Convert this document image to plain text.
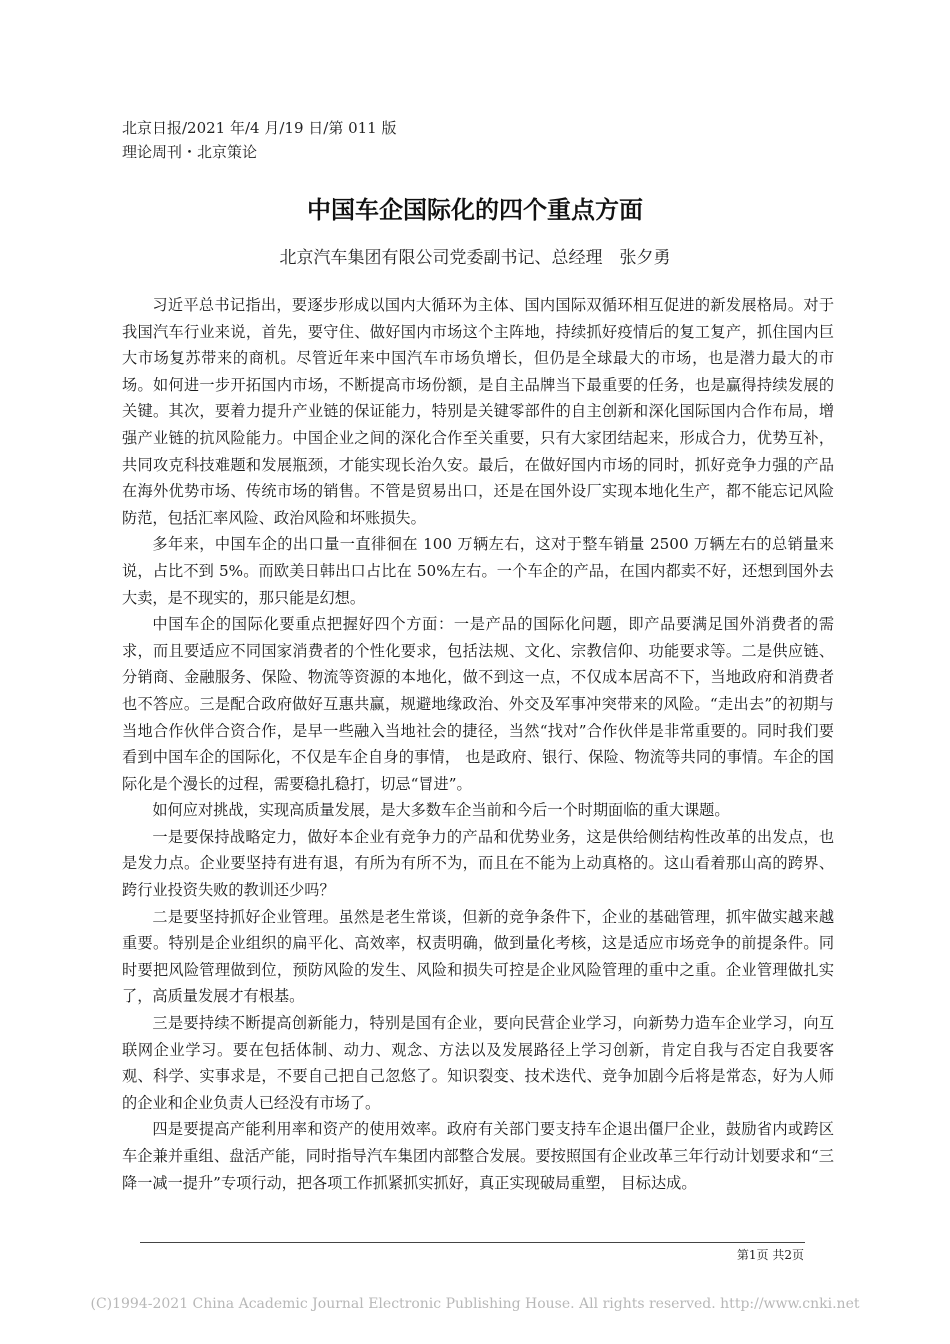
北京日报/2021 年/4 月/19 日/第 011 版
理论周刊・北京策论
中国车企国际化的四个重点方面
北京汽车集团有限公司党委副书记、总经理　张夕勇

习近平总书记指出，要逐步形成以国内大循环为主体、国内国际双循环相互促进的新发展格局。对于我国汽车行业来说，首先，要守住、做好国内市场这个主阵地，持续抓好疫情后的复工复产，抓住国内巨大市场复苏带来的商机。尽管近年来中国汽车市场负增长，但仍是全球最大的市场，也是潜力最大的市场。如何进一步开拓国内市场，不断提高市场份额，是自主品牌当下最重要的任务，也是赢得持续发展的关键。其次，要着力提升产业链的保证能力，特别是关键零部件的自主创新和深化国际国内合作布局，增强产业链的抗风险能力。中国企业之间的深化合作至关重要，只有大家团结起来，形成合力，优势互补，共同攻克科技难题和发展瓶颈，才能实现长治久安。最后，在做好国内市场的同时，抓好竞争力强的产品在海外优势市场、传统市场的销售。不管是贸易出口，还是在国外设厂实现本地化生产，都不能忘记风险防范，包括汇率风险、政治风险和坏账损失。

多年来，中国车企的出口量一直徘徊在 100 万辆左右，这对于整车销量 2500 万辆左右的总销量来说，占比不到 5%。而欧美日韩出口占比在 50%左右。一个车企的产品，在国内都卖不好，还想到国外去大卖，是不现实的，那只能是幻想。

中国车企的国际化要重点把握好四个方面：一是产品的国际化问题，即产品要满足国外消费者的需求，而且要适应不同国家消费者的个性化要求，包括法规、文化、宗教信仰、功能要求等。二是供应链、分销商、金融服务、保险、物流等资源的本地化，做不到这一点，不仅成本居高不下，当地政府和消费者也不答应。三是配合政府做好互惠共赢，规避地缘政治、外交及军事冲突带来的风险。“走出去”的初期与当地合作伙伴合资合作，是早一些融入当地社会的捷径，当然“找对”合作伙伴是非常重要的。同时我们要看到中国车企的国际化，不仅是车企自身的事情， 也是政府、银行、保险、物流等共同的事情。车企的国际化是个漫长的过程，需要稳扎稳打，切忌“冒进”。

如何应对挑战，实现高质量发展，是大多数车企当前和今后一个时期面临的重大课题。

一是要保持战略定力，做好本企业有竞争力的产品和优势业务，这是供给侧结构性改革的出发点，也是发力点。企业要坚持有进有退，有所为有所不为，而且在不能为上动真格的。这山看着那山高的跨界、跨行业投资失败的教训还少吗？

二是要坚持抓好企业管理。虽然是老生常谈，但新的竞争条件下，企业的基础管理，抓牢做实越来越重要。特别是企业组织的扁平化、高效率，权责明确，做到量化考核，这是适应市场竞争的前提条件。同时要把风险管理做到位，预防风险的发生、风险和损失可控是企业风险管理的重中之重。企业管理做扎实了，高质量发展才有根基。

三是要持续不断提高创新能力，特别是国有企业，要向民营企业学习，向新势力造车企业学习，向互联网企业学习。要在包括体制、动力、观念、方法以及发展路径上学习创新，肯定自我与否定自我要客观、科学、实事求是，不要自己把自己忽悠了。知识裂变、技术迭代、竞争加剧今后将是常态，好为人师的企业和企业负责人已经没有市场了。

四是要提高产能利用率和资产的使用效率。政府有关部门要支持车企退出僵尸企业，鼓励省内或跨区车企兼并重组、盘活产能，同时指导汽车集团内部整合发展。要按照国有企业改革三年行动计划要求和“三降一减一提升”专项行动，把各项工作抓紧抓实抓好，真正实现破局重塑， 目标达成。

第1页 共2页
(C)1994-2021 China Academic Journal Electronic Publishing House. All rights reserved. http://www.cnki.net
